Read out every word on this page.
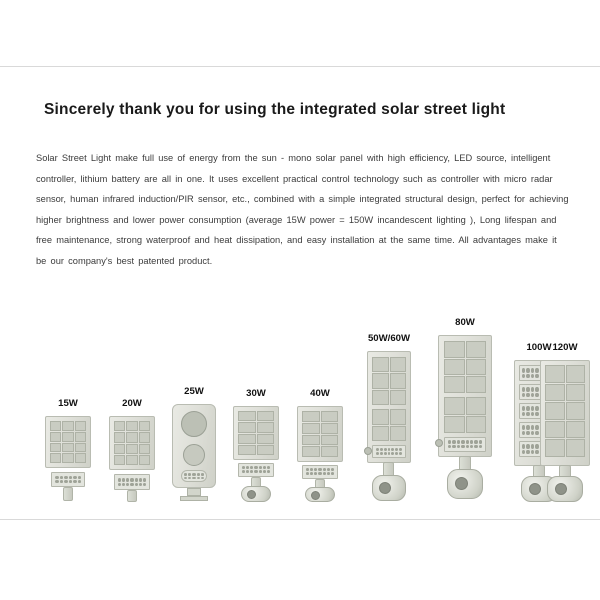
Sincerely thank you for using the integrated solar street light
Solar Street Light make full use of energy from the sun - mono solar panel with high efficiency, LED source, intelligent controller, lithium battery are all in one. It uses excellent practical control technology such as controller with micro radar sensor, human infrared induction/PIR sensor, etc., combined with a simple integrated structural design, perfect for achieving higher brightness and lower power consumption (average 15W power = 150W incandescent lighting ), Long lifespan and free maintenance, strong waterproof and heat dissipation, and easy installation at the same time. All advantages make it be our company's best patented product.
15W	20W
25W	30W	40W
50W/60W
80W
100W 120W
